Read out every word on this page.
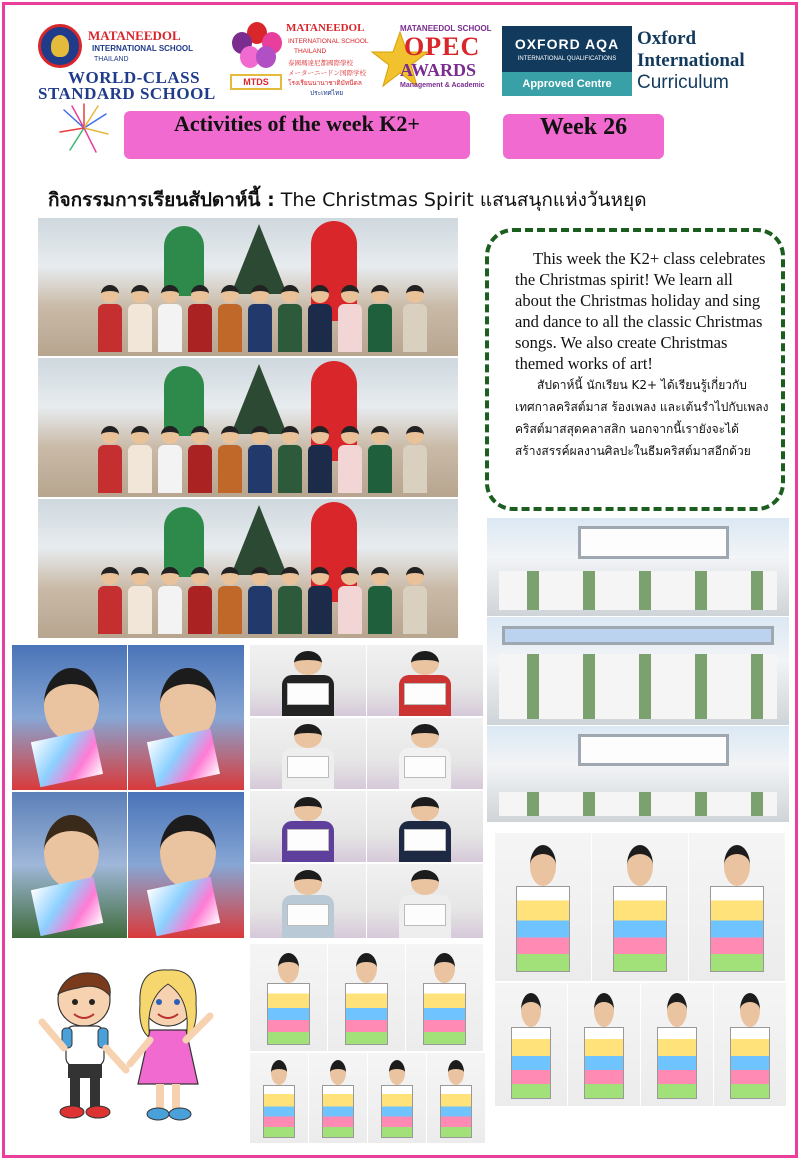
MATANEEDOL
INTERNATIONAL SCHOOL
THAILAND
WORLD-CLASS
STANDARD SCHOOL
MTDS
MATANEEDOL
INTERNATIONAL SCHOOL
THAILAND
泰國瑪達尼都國際學校
メーターニードン国際学校
โรงเรียนนานาชาติมัทนีดล
ประเทศไทย
MATANEEDOL SCHOOL
OPEC
AWARDS
Management & Academic
OXFORD AQA
INTERNATIONAL QUALIFICATIONS
Approved Centre
Oxford
International
Curriculum
Activities of the week K2+	Week 26
กิจกรรมการเรียนสัปดาห์นี้ : The Christmas Spirit แสนสนุกแห่งวันหยุด

This week the K2+ class celebrates the Christmas spirit! We learn all about the Christmas holiday and sing and dance to all the classic Christmas songs. We also create Christmas themed works of art!

สัปดาห์นี้ นักเรียน K2+ ได้เรียนรู้เกี่ยวกับ

เทศกาลคริสต์มาส ร้องเพลง และเต้นรำไปกับเพลง

คริสต์มาสสุดคลาสสิก นอกจากนี้เรายังจะได้

สร้างสรรค์ผลงานศิลปะในธีมคริสต์มาสอีกด้วย
